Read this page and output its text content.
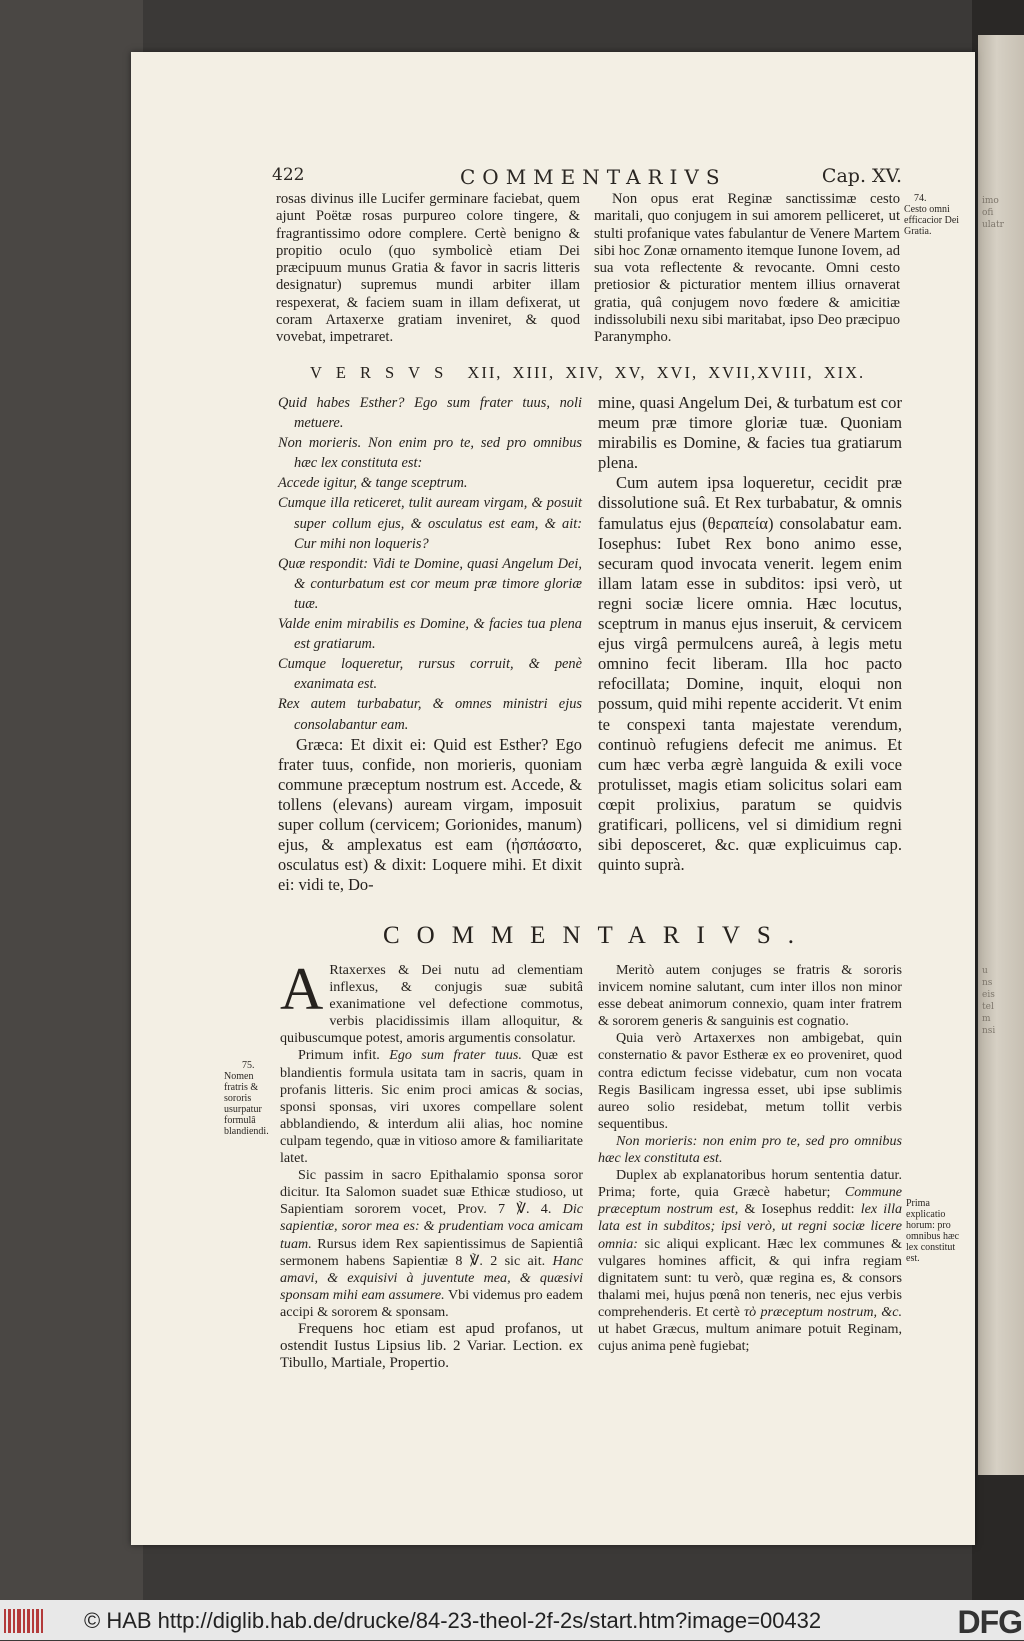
imo
ofi
ulatr
u
ns
eis
tel
m
nsi
422	COMMENTARIVS	Cap. XV.

rosas divinus ille Lucifer germinare faciebat, quem ajunt Poëtæ rosas purpureo colore tingere, & fragrantissimo odore complere. Certè benigno & propitio oculo (quo symbolicè etiam Dei præcipuum munus Gratia & favor in sacris litteris designatur) supremus mundi arbiter illam respexerat, & faciem suam in illam defixerat, ut coram Artaxerxe gratiam inveniret, & quod vovebat, impetraret.

Non opus erat Reginæ sanctissimæ cesto maritali, quo conjugem in sui amorem pelliceret, ut stulti profanique vates fabulantur de Venere Martem sibi hoc Zonæ ornamento itemque Iunone Iovem, ad sua vota reflectente & revocante. Omni cesto pretiosior & picturatior mentem illius ornaverat gratia, quâ conjugem novo fœdere & amicitiæ indissolubili nexu sibi maritabat, ipso Deo præcipuo Paranympho.

74.
Cesto omni efficacior Dei Gratia.
VERSVS XII, XIII, XIV, XV, XVI, XVII,XVIII, XIX.

Quid habes Esther? Ego sum frater tuus, noli metuere.

Non morieris. Non enim pro te, sed pro omnibus hæc lex constituta est:

Accede igitur, & tange sceptrum.

Cumque illa reticeret, tulit auream virgam, & posuit super collum ejus, & osculatus est eam, & ait: Cur mihi non loqueris?

Quæ respondit: Vidi te Domine, quasi Angelum Dei, & conturbatum est cor meum præ timore gloriæ tuæ.

Valde enim mirabilis es Domine, & facies tua plena est gratiarum.

Cumque loqueretur, rursus corruit, & penè exanimata est.

Rex autem turbabatur, & omnes ministri ejus consolabantur eam.

Græca: Et dixit ei: Quid est Esther? Ego frater tuus, confide, non morieris, quoniam commune præceptum nostrum est. Accede, & tollens (elevans) auream virgam, imposuit super collum (cervicem; Gorionides, manum) ejus, & amplexatus est eam (ἠσπάσατο, osculatus est) & dixit: Loquere mihi. Et dixit ei: vidi te, Do-

mine, quasi Angelum Dei, & turbatum est cor meum præ timore gloriæ tuæ. Quoniam mirabilis es Domine, & facies tua gratiarum plena.

Cum autem ipsa loqueretur, cecidit præ dissolutione suâ. Et Rex turbabatur, & omnis famulatus ejus (θεραπεία) consolabatur eam. Iosephus: Iubet Rex bono animo esse, securam quod invocata venerit. legem enim illam latam esse in subditos: ipsi verò, ut regni sociæ licere omnia. Hæc locutus, sceptrum in manus ejus inseruit, & cervicem ejus virgâ permulcens aureâ, à legis metu omnino fecit liberam. Illa hoc pacto refocillata; Domine, inquit, eloqui non possum, quid mihi repente acciderit. Vt enim te conspexi tanta majestate verendum, continuò refugiens defecit me animus. Et cum hæc verba ægrè languida & exili voce protulisset, magis etiam solicitus solari eam cœpit prolixius, paratum se quidvis gratificari, pollicens, vel si dimidium regni sibi deposceret, &c. quæ explicuimus cap. quinto suprà.

COMMENTARIVS.

A Rtaxerxes & Dei nutu ad clementiam inflexus, & conjugis suæ subitâ exanimatione vel defectione commotus, verbis placidissimis illam alloquitur, & quibuscumque potest, amoris argumentis consolatur.

Primum infit. Ego sum frater tuus. Quæ est blandientis formula usitata tam in sacris, quam in profanis litteris. Sic enim proci amicas & socias, sponsi sponsas, viri uxores compellare solent abblandiendo, & interdum alii alias, hoc nomine culpam tegendo, quæ in vitioso amore & familiaritate latet.

Sic passim in sacro Epithalamio sponsa soror dicitur. Ita Salomon suadet suæ Ethicæ studioso, ut Sapientiam sororem vocet, Prov. 7 ℣. 4. Dic sapientiæ, soror mea es: & prudentiam voca amicam tuam. Rursus idem Rex sapientissimus de Sapientiâ sermonem habens Sapientiæ 8 ℣. 2 sic ait. Hanc amavi, & exquisivi à juventute mea, & quæsivi sponsam mihi eam assumere. Vbi videmus pro eadem accipi & sororem & sponsam.

Frequens hoc etiam est apud profanos, ut ostendit Iustus Lipsius lib. 2 Variar. Lection. ex Tibullo, Martiale, Propertio.

75.
Nomen fratris & sororis usurpatur formulâ blandiendi.

Meritò autem conjuges se fratris & sororis invicem nomine salutant, cum inter illos non minor esse debeat animorum connexio, quam inter fratrem & sororem generis & sanguinis est cognatio.

Quia verò Artaxerxes non ambigebat, quin consternatio & pavor Estheræ ex eo proveniret, quod contra edictum fecisse videbatur, cum non vocata Regis Basilicam ingressa esset, ubi ipse sublimis aureo solio residebat, metum tollit verbis sequentibus.

Non morieris: non enim pro te, sed pro omnibus hæc lex constituta est.

Duplex ab explanatoribus horum sententia datur. Prima; forte, quia Græcè habetur; Commune præceptum nostrum est, & Iosephus reddit: lex illa lata est in subditos; ipsi verò, ut regni sociæ licere omnia: sic aliqui explicant. Hæc lex communes & vulgares homines afficit, & qui infra regiam dignitatem sunt: tu verò, quæ regina es, & consors thalami mei, hujus pœnâ non teneris, nec ejus verbis comprehenderis. Et certè τὸ præceptum nostrum, &c. ut habet Græcus, multum animare potuit Reginam, cujus anima penè fugiebat;

Prima explicatio horum: pro omnibus hæc lex constitut est.
© HAB http://diglib.hab.de/drucke/84-23-theol-2f-2s/start.htm?image=00432	DFG
